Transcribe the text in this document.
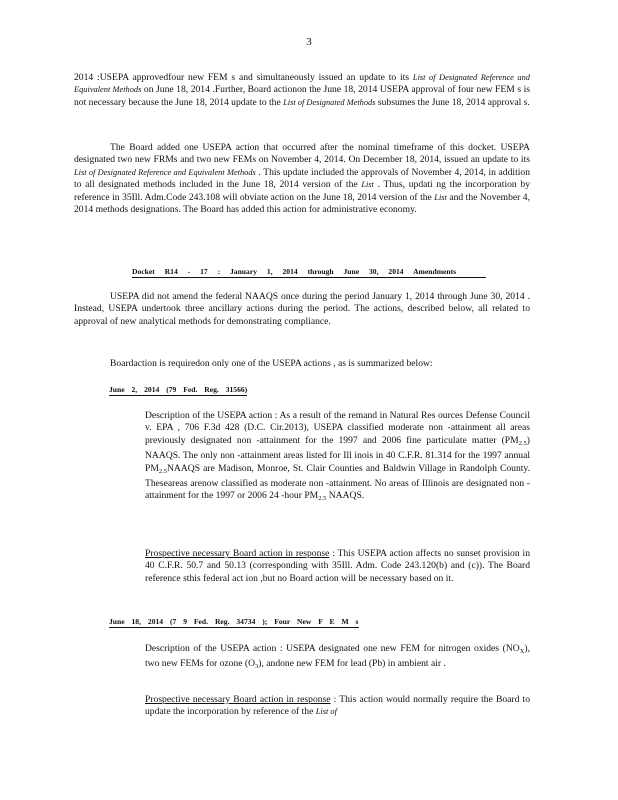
3

2014 :USEPA approvedfour new FEM s and simultaneously issued an update to its List of Designated Reference and Equivalent Methods on June 18, 2014 .Further, Board actionon the June 18, 2014 USEPA approval of four new FEM s is not necessary because the June 18, 2014 update to the List of Designated Methods subsumes the June 18, 2014 approval s.

The Board added one USEPA action that occurred after the nominal timeframe of this docket. USEPA designated two new FRMs and two new FEMs on November 4, 2014. On December 18, 2014, issued an update to its List of Designated Reference and Equivalent Methods . This update included the approvals of November 4, 2014, in addition to all designated methods included in the June 18, 2014 version of the List . Thus, updati ng the incorporation by reference in 35Ill. Adm.Code 243.108 will obviate action on the June 18, 2014 version of the List and the November 4, 2014 methods designations. The Board has added this action for administrative economy.

Docket R14 - 17 : January 1, 2014 through June 30, 2014 Amendments

USEPA did not amend the federal NAAQS once during the period January 1, 2014 through June 30, 2014 . Instead, USEPA undertook three ancillary actions during the period. The actions, described below, all related to approval of new analytical methods for demonstrating compliance.

Boardaction is requiredon only one of the USEPA actions , as is summarized below:

June 2, 2014 (79 Fed. Reg. 31566)

Description of the USEPA action : As a result of the remand in Natural Res ources Defense Council v. EPA , 706 F.3d 428 (D.C. Cir.2013), USEPA classified moderate non -attainment all areas previously designated non -attainment for the 1997 and 2006 fine particulate matter $(PM_{2.5})$ NAAQS. The only non -attainment areas listed for Ill inois in 40 C.F.R. 81.314 for the 1997 annual $PM_{2.5}NAAQS$ are Madison, Monroe, St. Clair Counties and Baldwin Village in Randolph County. Theseareas arenow classified as moderate non -attainment. No areas of Illinois are designated non -attainment for the 1997 or 2006 24 -hour $PM_{2.5}$ NAAQS.

Prospective necessary Board action in response : This USEPA action affects no sunset provision in 40 C.F.R. 50.7 and 50.13 (corresponding with 35Ill. Adm. Code 243.120(b) and (c)). The Board reference sthis federal act ion ,but no Board action will be necessary based on it.

June 18, 2014 (7 9 Fed. Reg. 34734 ); Four New F E M s

Description of the USEPA action : USEPA designated one new FEM for nitrogen oxides $(NO_X)$, two new FEMs for ozone $(O_3)$, andone new FEM for lead (Pb) in ambient air .

Prospective necessary Board action in response : This action would normally require the Board to update the incorporation by reference of the List of
